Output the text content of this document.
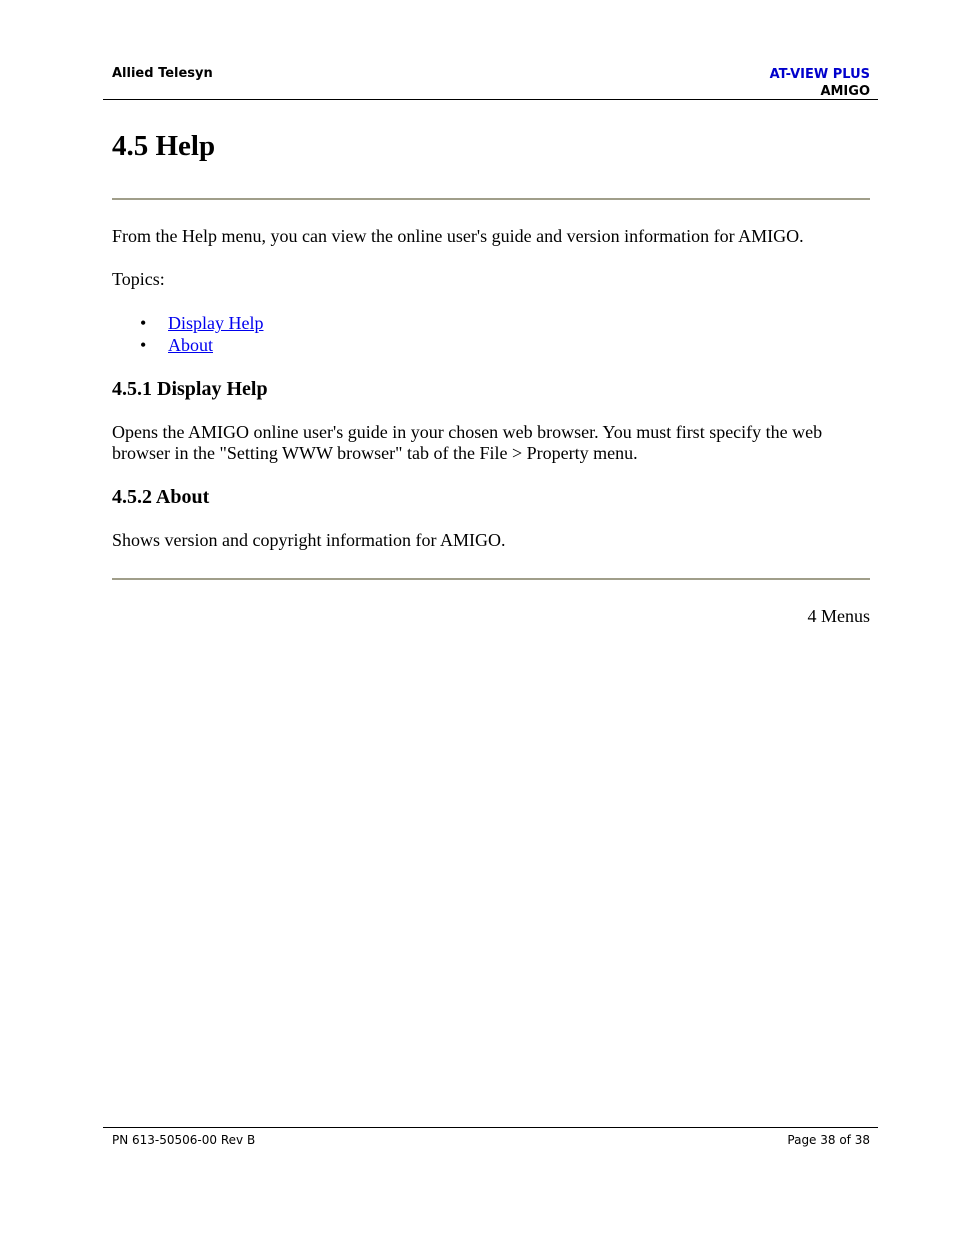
Allied Telesyn	AT-VIEW PLUS
AMIGO
4.5 Help

From the Help menu, you can view the online user's guide and version information for AMIGO.

Topics:

• Display Help
• About
4.5.1 Display Help

Opens the AMIGO online user's guide in your chosen web browser. You must first specify the web browser in the "Setting WWW browser" tab of the File > Property menu.

4.5.2 About

Shows version and copyright information for AMIGO.

4 Menus

PN 613-50506-00 Rev B	Page 38 of 38
